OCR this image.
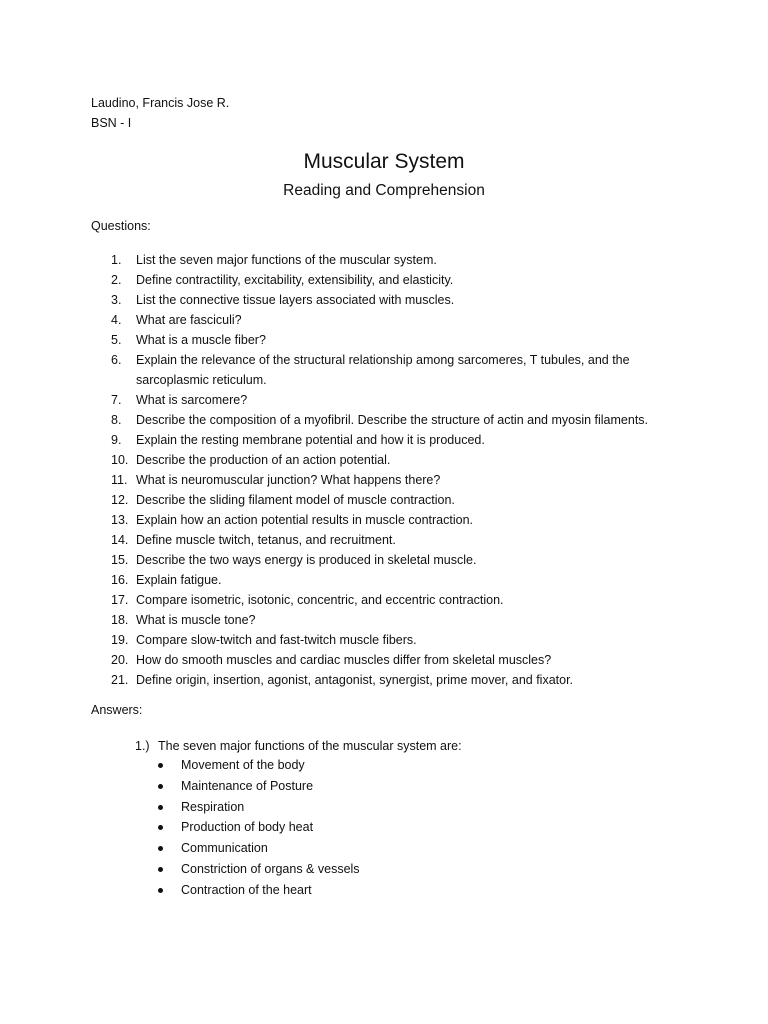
Laudino, Francis Jose R.
BSN - I
Muscular System
Reading and Comprehension
Questions:
1.	List the seven major functions of the muscular system.
2.	Define contractility, excitability, extensibility, and elasticity.
3.	List the connective tissue layers associated with muscles.
4.	What are fasciculi?
5.	What is a muscle fiber?
6.	Explain the relevance of the structural relationship among sarcomeres, T tubules, and the
sarcoplasmic reticulum.
7.	What is sarcomere?
8.	Describe the composition of a myofibril. Describe the structure of actin and myosin filaments.
9.	Explain the resting membrane potential and how it is produced.
10. Describe the production of an action potential.
11. What is neuromuscular junction? What happens there?
12. Describe the sliding filament model of muscle contraction.
13. Explain how an action potential results in muscle contraction.
14. Define muscle twitch, tetanus, and recruitment.
15. Describe the two ways energy is produced in skeletal muscle.
16. Explain fatigue.
17. Compare isometric, isotonic, concentric, and eccentric contraction.
18. What is muscle tone?
19. Compare slow-twitch and fast-twitch muscle fibers.
20. How do smooth muscles and cardiac muscles differ from skeletal muscles?
21. Define origin, insertion, agonist, antagonist, synergist, prime mover, and fixator.
Answers:
1.) The seven major functions of the muscular system are:
Movement of the body
Maintenance of Posture
Respiration
Production of body heat
Communication
Constriction of organs & vessels
Contraction of the heart
